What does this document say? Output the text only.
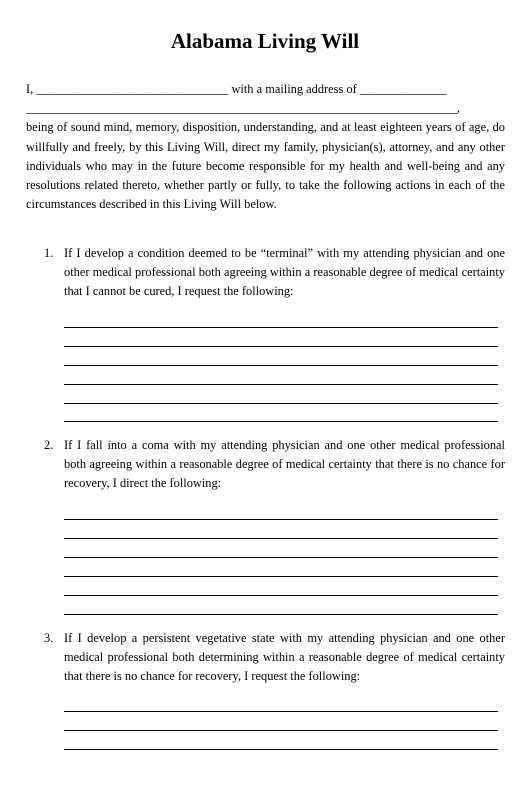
Alabama Living Will
I, _______________________________ with a mailing address of ______________
_____________________________________________________________________________,
being of sound mind, memory, disposition, understanding, and at least eighteen years of age, do willfully and freely, by this Living Will, direct my family, physician(s), attorney, and any other individuals who may in the future become responsible for my health and well-being and any resolutions related thereto, whether partly or fully, to take the following actions in each of the circumstances described in this Living Will below.
1. If I develop a condition deemed to be “terminal” with my attending physician and one other medical professional both agreeing within a reasonable degree of medical certainty that I cannot be cured, I request the following:
2. If I fall into a coma with my attending physician and one other medical professional both agreeing within a reasonable degree of medical certainty that there is no chance for recovery, I direct the following:
3. If I develop a persistent vegetative state with my attending physician and one other medical professional both determining within a reasonable degree of medical certainty that there is no chance for recovery, I request the following:
